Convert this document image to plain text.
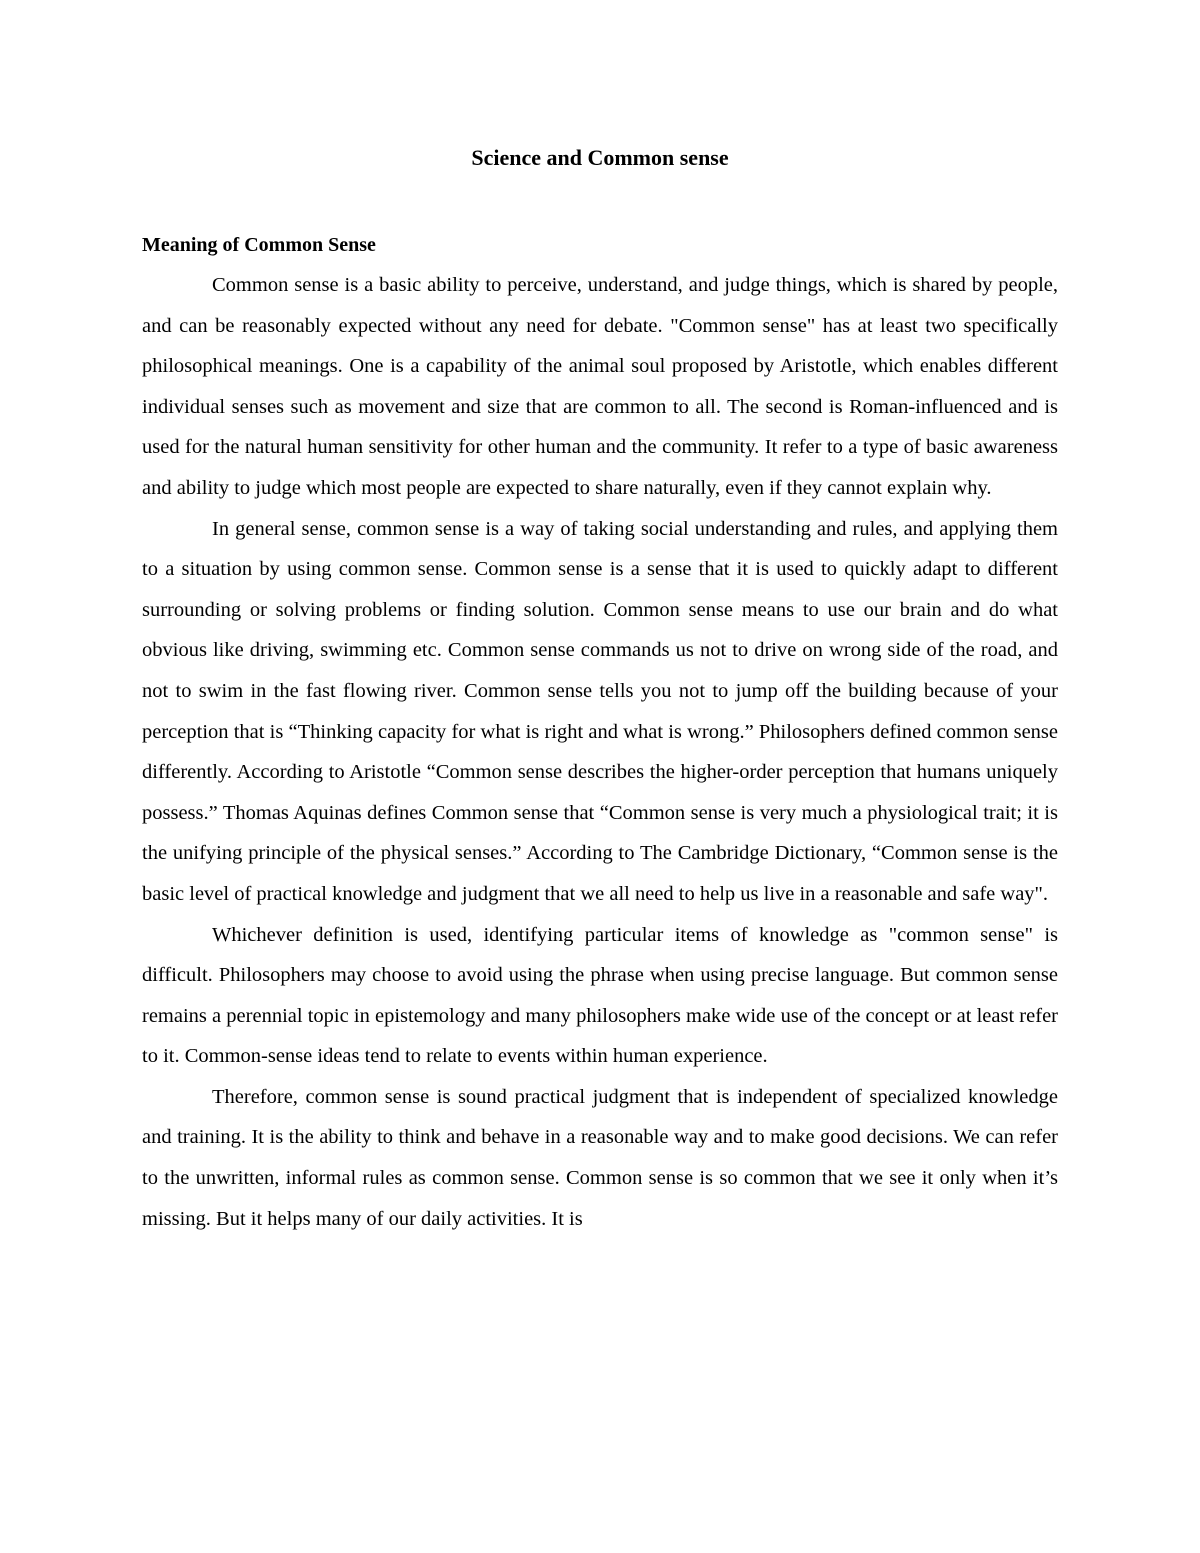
Science and Common sense
Meaning of Common Sense

Common sense is a basic ability to perceive, understand, and judge things, which is shared by people, and can be reasonably expected without any need for debate. "Common sense" has at least two specifically philosophical meanings. One is a capability of the animal soul proposed by Aristotle, which enables different individual senses such as movement and size that are common to all. The second is Roman-influenced and is used for the natural human sensitivity for other human and the community. It refer to a type of basic awareness and ability to judge which most people are expected to share naturally, even if they cannot explain why.

In general sense, common sense is a way of taking social understanding and rules, and applying them to a situation by using common sense. Common sense is a sense that it is used to quickly adapt to different surrounding or solving problems or finding solution. Common sense means to use our brain and do what obvious like driving, swimming etc. Common sense commands us not to drive on wrong side of the road, and not to swim in the fast flowing river. Common sense tells you not to jump off the building because of your perception that is “Thinking capacity for what is right and what is wrong.” Philosophers defined common sense differently. According to Aristotle “Common sense describes the higher-order perception that humans uniquely possess.” Thomas Aquinas defines Common sense that “Common sense is very much a physiological trait; it is the unifying principle of the physical senses.” According to The Cambridge Dictionary, “Common sense is the basic level of practical knowledge and judgment that we all need to help us live in a reasonable and safe way".

Whichever definition is used, identifying particular items of knowledge as "common sense" is difficult. Philosophers may choose to avoid using the phrase when using precise language. But common sense remains a perennial topic in epistemology and many philosophers make wide use of the concept or at least refer to it. Common-sense ideas tend to relate to events within human experience.

Therefore, common sense is sound practical judgment that is independent of specialized knowledge and training. It is the ability to think and behave in a reasonable way and to make good decisions. We can refer to the unwritten, informal rules as common sense. Common sense is so common that we see it only when it’s missing. But it helps many of our daily activities. It is
